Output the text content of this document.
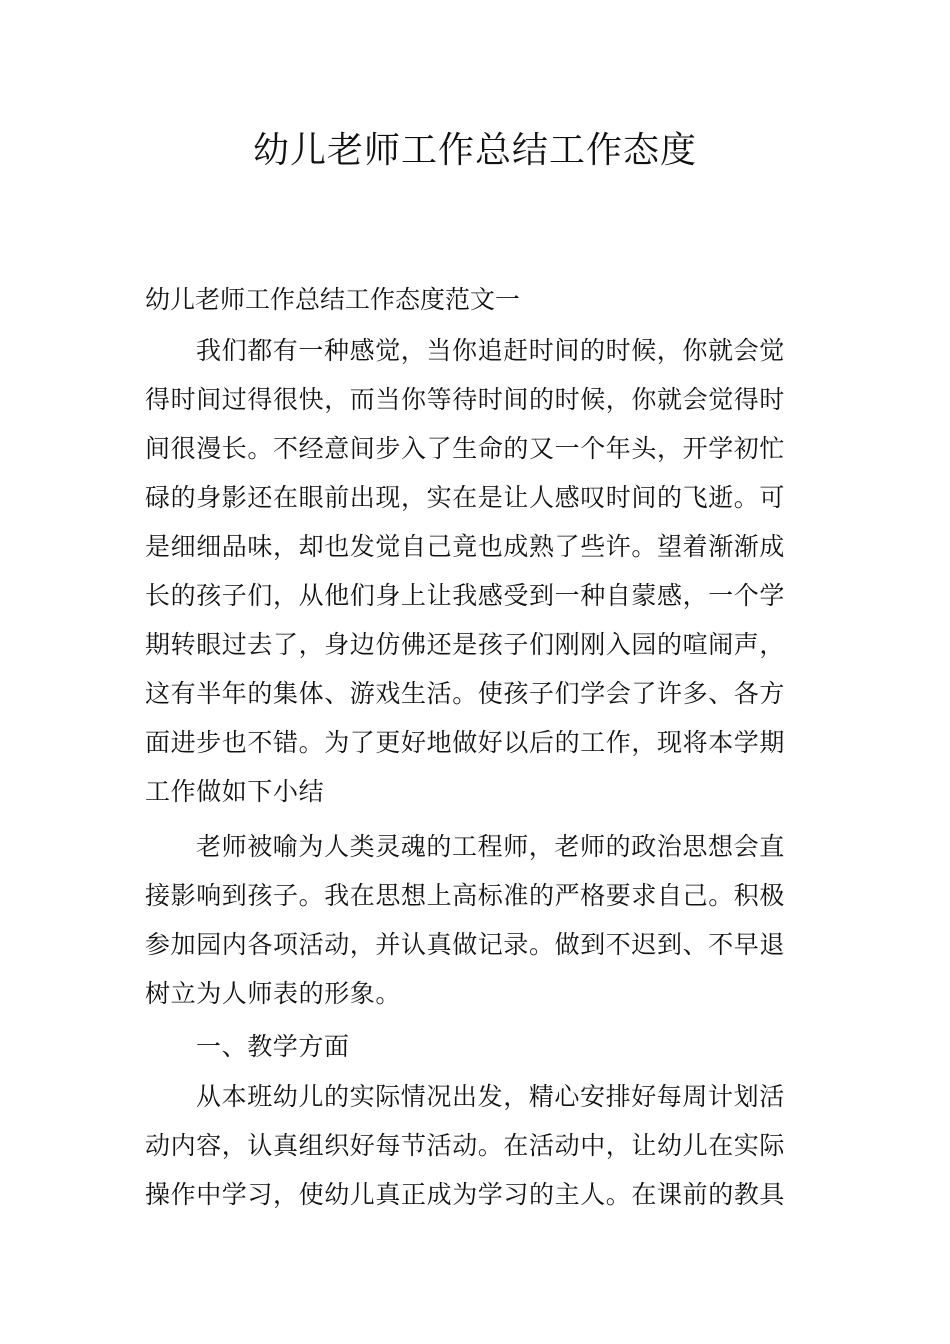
幼儿老师工作总结工作态度
幼儿老师工作总结工作态度范文一
我们都有一种感觉，当你追赶时间的时候，你就会觉
得时间过得很快，而当你等待时间的时候，你就会觉得时
间很漫长。不经意间步入了生命的又一个年头，开学初忙
碌的身影还在眼前出现，实在是让人感叹时间的飞逝。可
是细细品味，却也发觉自己竟也成熟了些许。望着渐渐成
长的孩子们，从他们身上让我感受到一种自蒙感，一个学
期转眼过去了，身边仿佛还是孩子们刚刚入园的喧闹声，
这有半年的集体、游戏生活。使孩子们学会了许多、各方
面进步也不错。为了更好地做好以后的工作，现将本学期
工作做如下小结
老师被喻为人类灵魂的工程师，老师的政治思想会直
接影响到孩子。我在思想上高标准的严格要求自己。积极
参加园内各项活动，并认真做记录。做到不迟到、不早退
树立为人师表的形象。
一、教学方面
从本班幼儿的实际情况出发，精心安排好每周计划活
动内容，认真组织好每节活动。在活动中，让幼儿在实际
操作中学习，使幼儿真正成为学习的主人。在课前的教具
